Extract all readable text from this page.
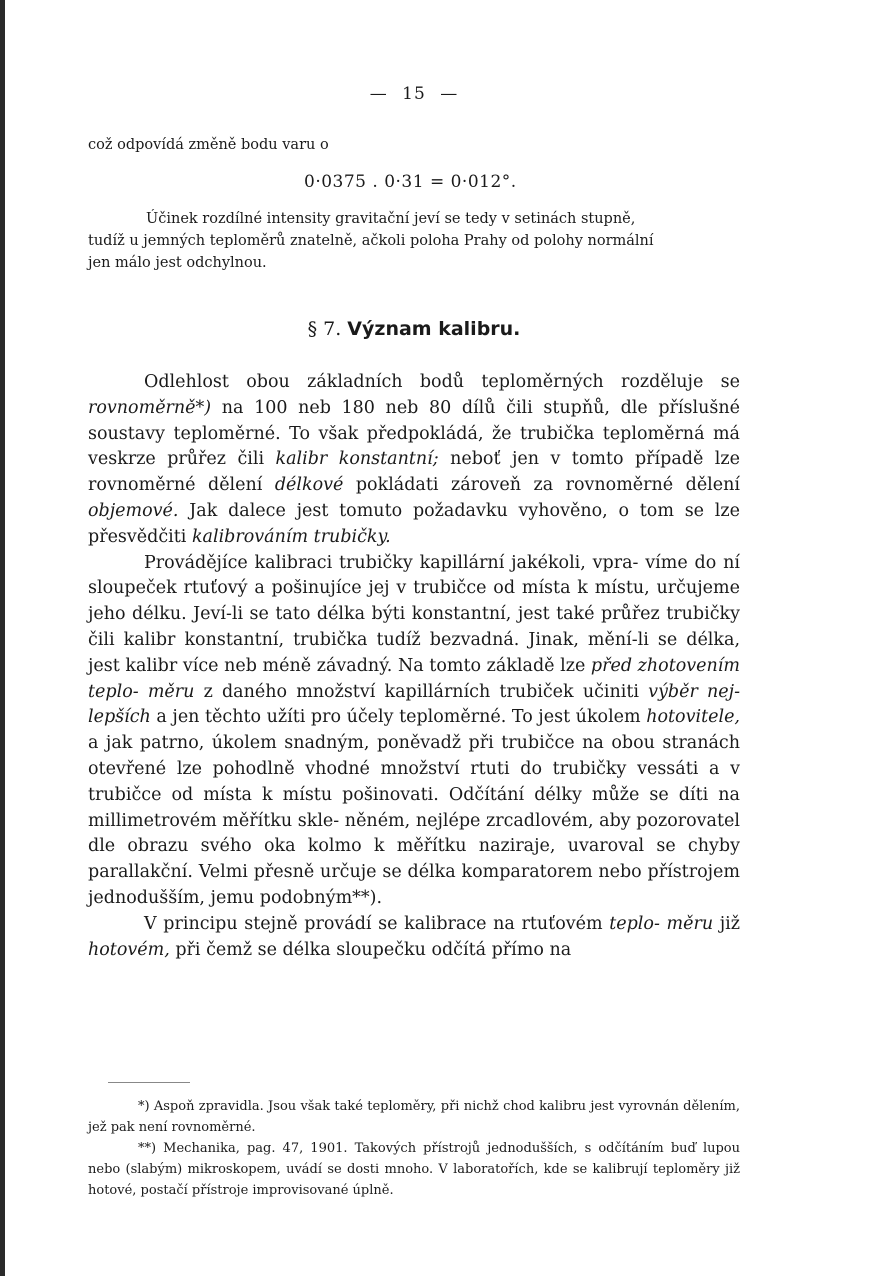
— 15 —
což odpovídá změně bodu varu o
0·0375 . 0·31 = 0·012°.
Účinek rozdílné intensity gravitační jeví se tedy v setinách stupně,
tudíž u jemných teploměrů znatelně, ačkoli poloha Prahy od polohy normální
jen málo jest odchylnou.
§ 7. Význam kalibru.
Odlehlost obou základních bodů teploměrných rozděluje se rovnoměrně*) na 100 neb 180 neb 80 dílů čili stupňů, dle příslušné soustavy teploměrné. To však předpokládá, že trubička teploměrná má veskrze průřez čili kalibr konstantní; neboť jen v tomto případě lze rovnoměrné dělení délkové pokládati zároveň za rovnoměrné dělení objemové. Jak dalece jest tomuto požadavku vyhověno, o tom se lze přesvědčiti kalibrováním trubičky.
Provádějíce kalibraci trubičky kapillární jakékoli, vpra- víme do ní sloupeček rtuťový a pošinujíce jej v trubičce od místa k místu, určujeme jeho délku. Jeví-li se tato délka býti konstantní, jest také průřez trubičky čili kalibr konstantní, trubička tudíž bezvadná. Jinak, mění-li se délka, jest kalibr více neb méně závadný. Na tomto základě lze před zhotovením teplo- měru z daného množství kapillárních trubiček učiniti výběr nej- lepších a jen těchto užíti pro účely teploměrné. To jest úkolem hotovitele, a jak patrno, úkolem snadným, poněvadž při trubičce na obou stranách otevřené lze pohodlně vhodné množství rtuti do trubičky vessáti a v trubičce od místa k místu pošinovati. Odčítání délky může se díti na millimetrovém měřítku skle- něném, nejlépe zrcadlovém, aby pozorovatel dle obrazu svého oka kolmo k měřítku naziraje, uvaroval se chyby parallakční. Velmi přesně určuje se délka komparatorem nebo přístrojem jednodušším, jemu podobným**).
V principu stejně provádí se kalibrace na rtuťovém teplo- měru již hotovém, při čemž se délka sloupečku odčítá přímo na

*) Aspoň zpravidla. Jsou však také teploměry, při nichž chod kalibru jest vyrovnán dělením, jež pak není rovnoměrné.

**) Mechanika, pag. 47, 1901. Takových přístrojů jednodušších, s odčítáním buď lupou nebo (slabým) mikroskopem, uvádí se dosti mnoho. V laboratořích, kde se kalibrují teploměry již hotové, postačí přístroje improvisované úplně.
